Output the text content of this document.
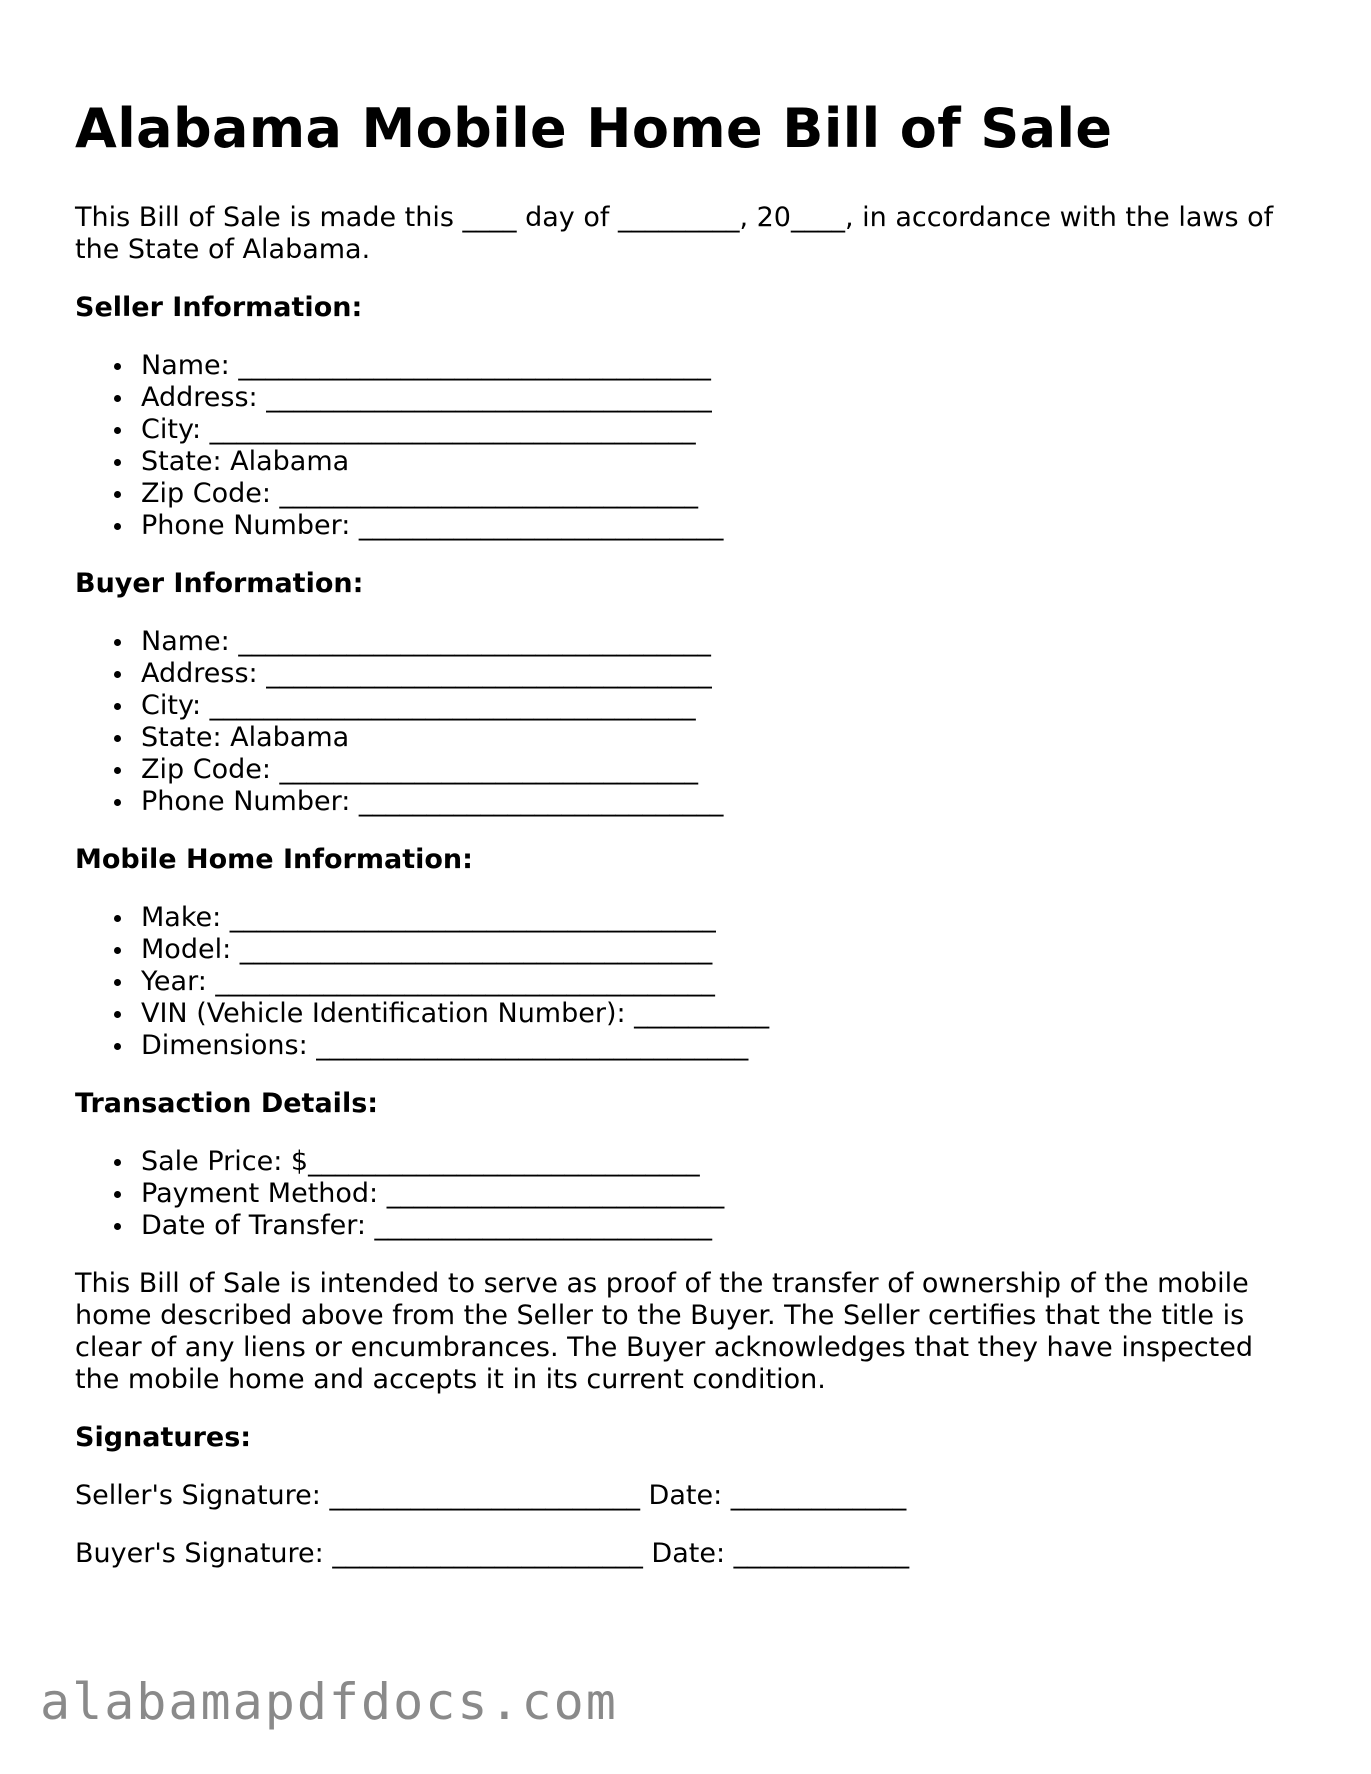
Alabama Mobile Home Bill of Sale

This Bill of Sale is made this ____ day of _________, 20____, in accordance with the laws of the State of Alabama.

Seller Information:
Name: ___________________________________
Address: _________________________________
City: ____________________________________
State: Alabama
Zip Code: _______________________________
Phone Number: ___________________________
Buyer Information:
Name: ___________________________________
Address: _________________________________
City: ____________________________________
State: Alabama
Zip Code: _______________________________
Phone Number: ___________________________
Mobile Home Information:
Make: ____________________________________
Model: ___________________________________
Year: _____________________________________
VIN (Vehicle Identification Number): __________
Dimensions: ________________________________
Transaction Details:
Sale Price: $_____________________________
Payment Method: _________________________
Date of Transfer: _________________________

This Bill of Sale is intended to serve as proof of the transfer of ownership of the mobile home described above from the Seller to the Buyer. The Seller certifies that the title is clear of any liens or encumbrances. The Buyer acknowledges that they have inspected the mobile home and accepts it in its current condition.

Signatures:
Seller's Signature: _______________________ Date: _____________
Buyer's Signature: _______________________ Date: _____________
alabamapdfdocs.com
